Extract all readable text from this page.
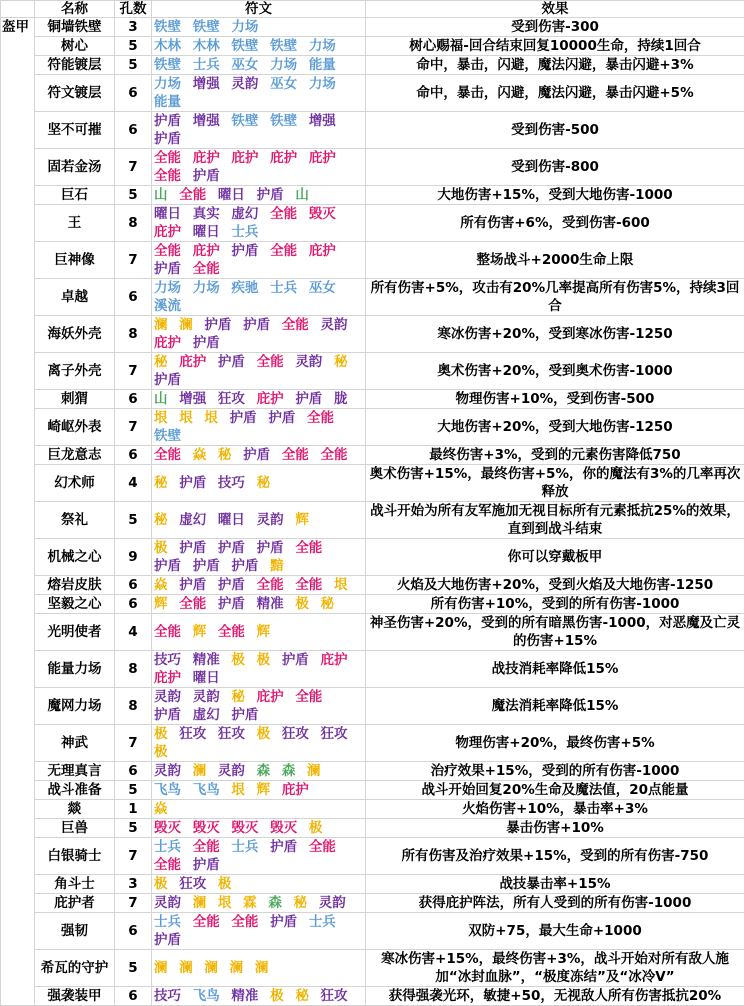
	名称	孔数	符文	效果
盔甲	铜墙铁壁	3	铁壁 铁壁 力场	受到伤害-300
	树心	5	木林 木林 铁壁 铁壁 力场	树心赐福-回合结束回复10000生命，持续1回合
	符能镀层	5	铁壁 士兵 巫女 力场 能量	命中，暴击，闪避，魔法闪避，暴击闪避+3%
	符文镀层	6	力场 增强 灵韵 巫女 力场 能量	命中，暴击，闪避，魔法闪避，暴击闪避+5%
	坚不可摧	6	护盾 增强 铁壁 铁壁 增强 护盾	受到伤害-500
	固若金汤	7	全能 庇护 庇护 庇护 庇护 全能 护盾	受到伤害-800
	巨石	5	山 全能 曜日 护盾 山	大地伤害+15%，受到大地伤害-1000
	王	8	曜日 真实 虚幻 全能 毁灭 庇护 曜日 士兵	所有伤害+6%，受到伤害-600
	巨神像	7	全能 庇护 护盾 全能 庇护 护盾 全能	整场战斗+2000生命上限
	卓越	6	力场 力场 疾驰 士兵 巫女 溪流	所有伤害+5%，攻击有20%几率提高所有伤害5%，持续3回合
	海妖外壳	8	澜 澜 护盾 护盾 全能 灵韵 庇护 护盾	寒冰伤害+20%，受到寒冰伤害-1250
	离子外壳	7	秘 庇护 护盾 全能 灵韵 秘 护盾	奥术伤害+20%，受到奥术伤害-1000
	刺猬	6	山 增强 狂攻 庇护 护盾 胧	物理伤害+10%，受到伤害-500
	崎岖外表	7	垠 垠 垠 护盾 护盾 全能 铁壁	大地伤害+20%，受到大地伤害-1250
	巨龙意志	6	全能 焱 秘 护盾 全能 全能	最终伤害+3%，受到的元素伤害降低750
	幻术师	4	秘 护盾 技巧 秘	奥术伤害+15%，最终伤害+5%，你的魔法有3%的几率再次释放
	祭礼	5	秘 虚幻 曜日 灵韵 辉	战斗开始为所有友军施加无视目标所有元素抵抗25%的效果，直到到战斗结束
	机械之心	9	极 护盾 护盾 护盾 全能 护盾 护盾 护盾 黯	你可以穿戴板甲
	熔岩皮肤	6	焱 护盾 护盾 全能 全能 垠	火焰及大地伤害+20%，受到火焰及大地伤害-1250
	坚毅之心	6	辉 全能 护盾 精准 极 秘	所有伤害+10%，受到的所有伤害-1000
	光明使者	4	全能 辉 全能 辉	神圣伤害+20%，受到的所有暗黑伤害-1000，对恶魔及亡灵的伤害+15%
	能量力场	8	技巧 精准 极 极 护盾 庇护 庇护 曜日	战技消耗率降低15%
	魔网力场	8	灵韵 灵韵 秘 庇护 全能 护盾 虚幻 护盾	魔法消耗率降低15%
	神武	7	极 狂攻 狂攻 极 狂攻 狂攻 极	物理伤害+20%，最终伤害+5%
	无理真言	6	灵韵 澜 灵韵 森 森 澜	治疗效果+15%，受到的所有伤害-1000
	战斗准备	5	飞鸟 飞鸟 垠 辉 庇护	战斗开始回复20%生命及魔法值，20点能量
	燚	1	焱	火焰伤害+10%，暴击率+3%
	巨兽	5	毁灭 毁灭 毁灭 毁灭 极	暴击伤害+10%
	白银骑士	7	士兵 全能 士兵 护盾 全能 全能 护盾	所有伤害及治疗效果+15%，受到的所有伤害-750
	角斗士	3	极 狂攻 极	战技暴击率+15%
	庇护者	7	灵韵 澜 垠 霖 森 秘 灵韵	获得庇护阵法，所有人受到的所有伤害-1000
	强韧	6	士兵 全能 全能 护盾 士兵 护盾	双防+75，最大生命+1000
	希瓦的守护	5	澜 澜 澜 澜 澜	寒冰伤害+15%，最终伤害+3%，战斗开始对所有敌人施加“冰封血脉”，“极度冻结”及“冰冷Ⅴ”
	强袭装甲	6	技巧 飞鸟 精准 极 秘 狂攻	获得强袭光环，敏捷+50，无视敌人所有伤害抵抗20%
